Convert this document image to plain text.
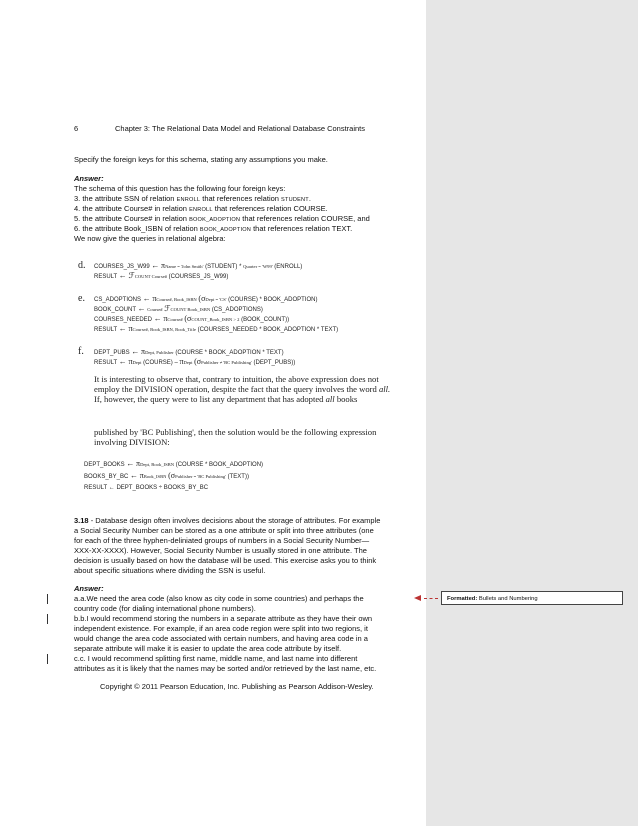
6	Chapter 3: The Relational Data Model and Relational Database Constraints
Specify the foreign keys for this schema, stating any assumptions you make.
Answer:
The schema of this question has the following four foreign keys:
3. the attribute SSN of relation ENROLL that references relation STUDENT.
4. the attribute Course# in relation ENROLL that references relation COURSE.
5. the attribute Course# in relation BOOK_ADOPTION that references relation COURSE, and
6. the attribute Book_ISBN of relation BOOK_ADOPTION that references relation TEXT.
We now give the queries in relational algebra:
d. COURSES_JS_W99 ← πName = 'John Smith' (STUDENT) * Quarter = 'W99' (ENROLL)
RESULT ← ℱCOUNT Course# (COURSES_JS_W99)
e. CS_ADOPTIONS ← πCourse#, Book_ISBN (σDept = 'CS' (COURSE) * BOOK_ADOPTION)
BOOK_COUNT ← Course# ℱCOUNT Book_ISBN (CS_ADOPTIONS)
COURSES_NEEDED ← πCourse# (σCOUNT_Book_ISBN > 2 (BOOK_COUNT))
RESULT ← πCourse#, Book_ISBN, Book_Title (COURSES_NEEDED * BOOK_ADOPTION * TEXT)
f. DEPT_PUBS ← πDept, Publisher (COURSE * BOOK_ADOPTION * TEXT)
RESULT ← πDept (COURSE) – πDept (σPublisher ≠ 'BC Publishing' (DEPT_PUBS))
It is interesting to observe that, contrary to intuition, the above expression does not
employ the DIVISION operation, despite the fact that the query involves the word all.
If, however, the query were to list any department that has adopted all books
published by 'BC Publishing', then the solution would be the following expression
involving DIVISION:
DEPT_BOOKS ← πDept, Book_ISBN (COURSE * BOOK_ADOPTION)
BOOKS_BY_BC ← πBook_ISBN (σPublisher = 'BC Publishing' (TEXT))
RESULT ← DEPT_BOOKS ÷ BOOKS_BY_BC
3.18 - Database design often involves decisions about the storage of attributes. For example
a Social Security Number can be stored as a one attribute or split into three attributes (one
for each of the three hyphen-deliniated groups of numbers in a Social Security Number—
XXX-XX-XXXX). However, Social Security Number is usually stored in one attribute. The
decision is usually based on how the database will be used. This exercise asks you to think
about specific situations where dividing the SSN is useful.
Answer:
a.a.We need the area code (also know as city code in some countries) and perhaps the
country code (for dialing international phone numbers).
b.b.I would recommend storing the numbers in a separate attribute as they have their own
independent existence. For example, if an area code region were split into two regions, it
would change the area code associated with certain numbers, and having area code in a
separate attribute will make it is easier to update the area code attribute by itself.
c.c. I would recommend splitting first name, middle name, and last name into different
attributes as it is likely that the names may be sorted and/or retrieved by the last name, etc.
Copyright © 2011 Pearson Education, Inc. Publishing as Pearson Addison-Wesley.
Formatted: Bullets and Numbering
